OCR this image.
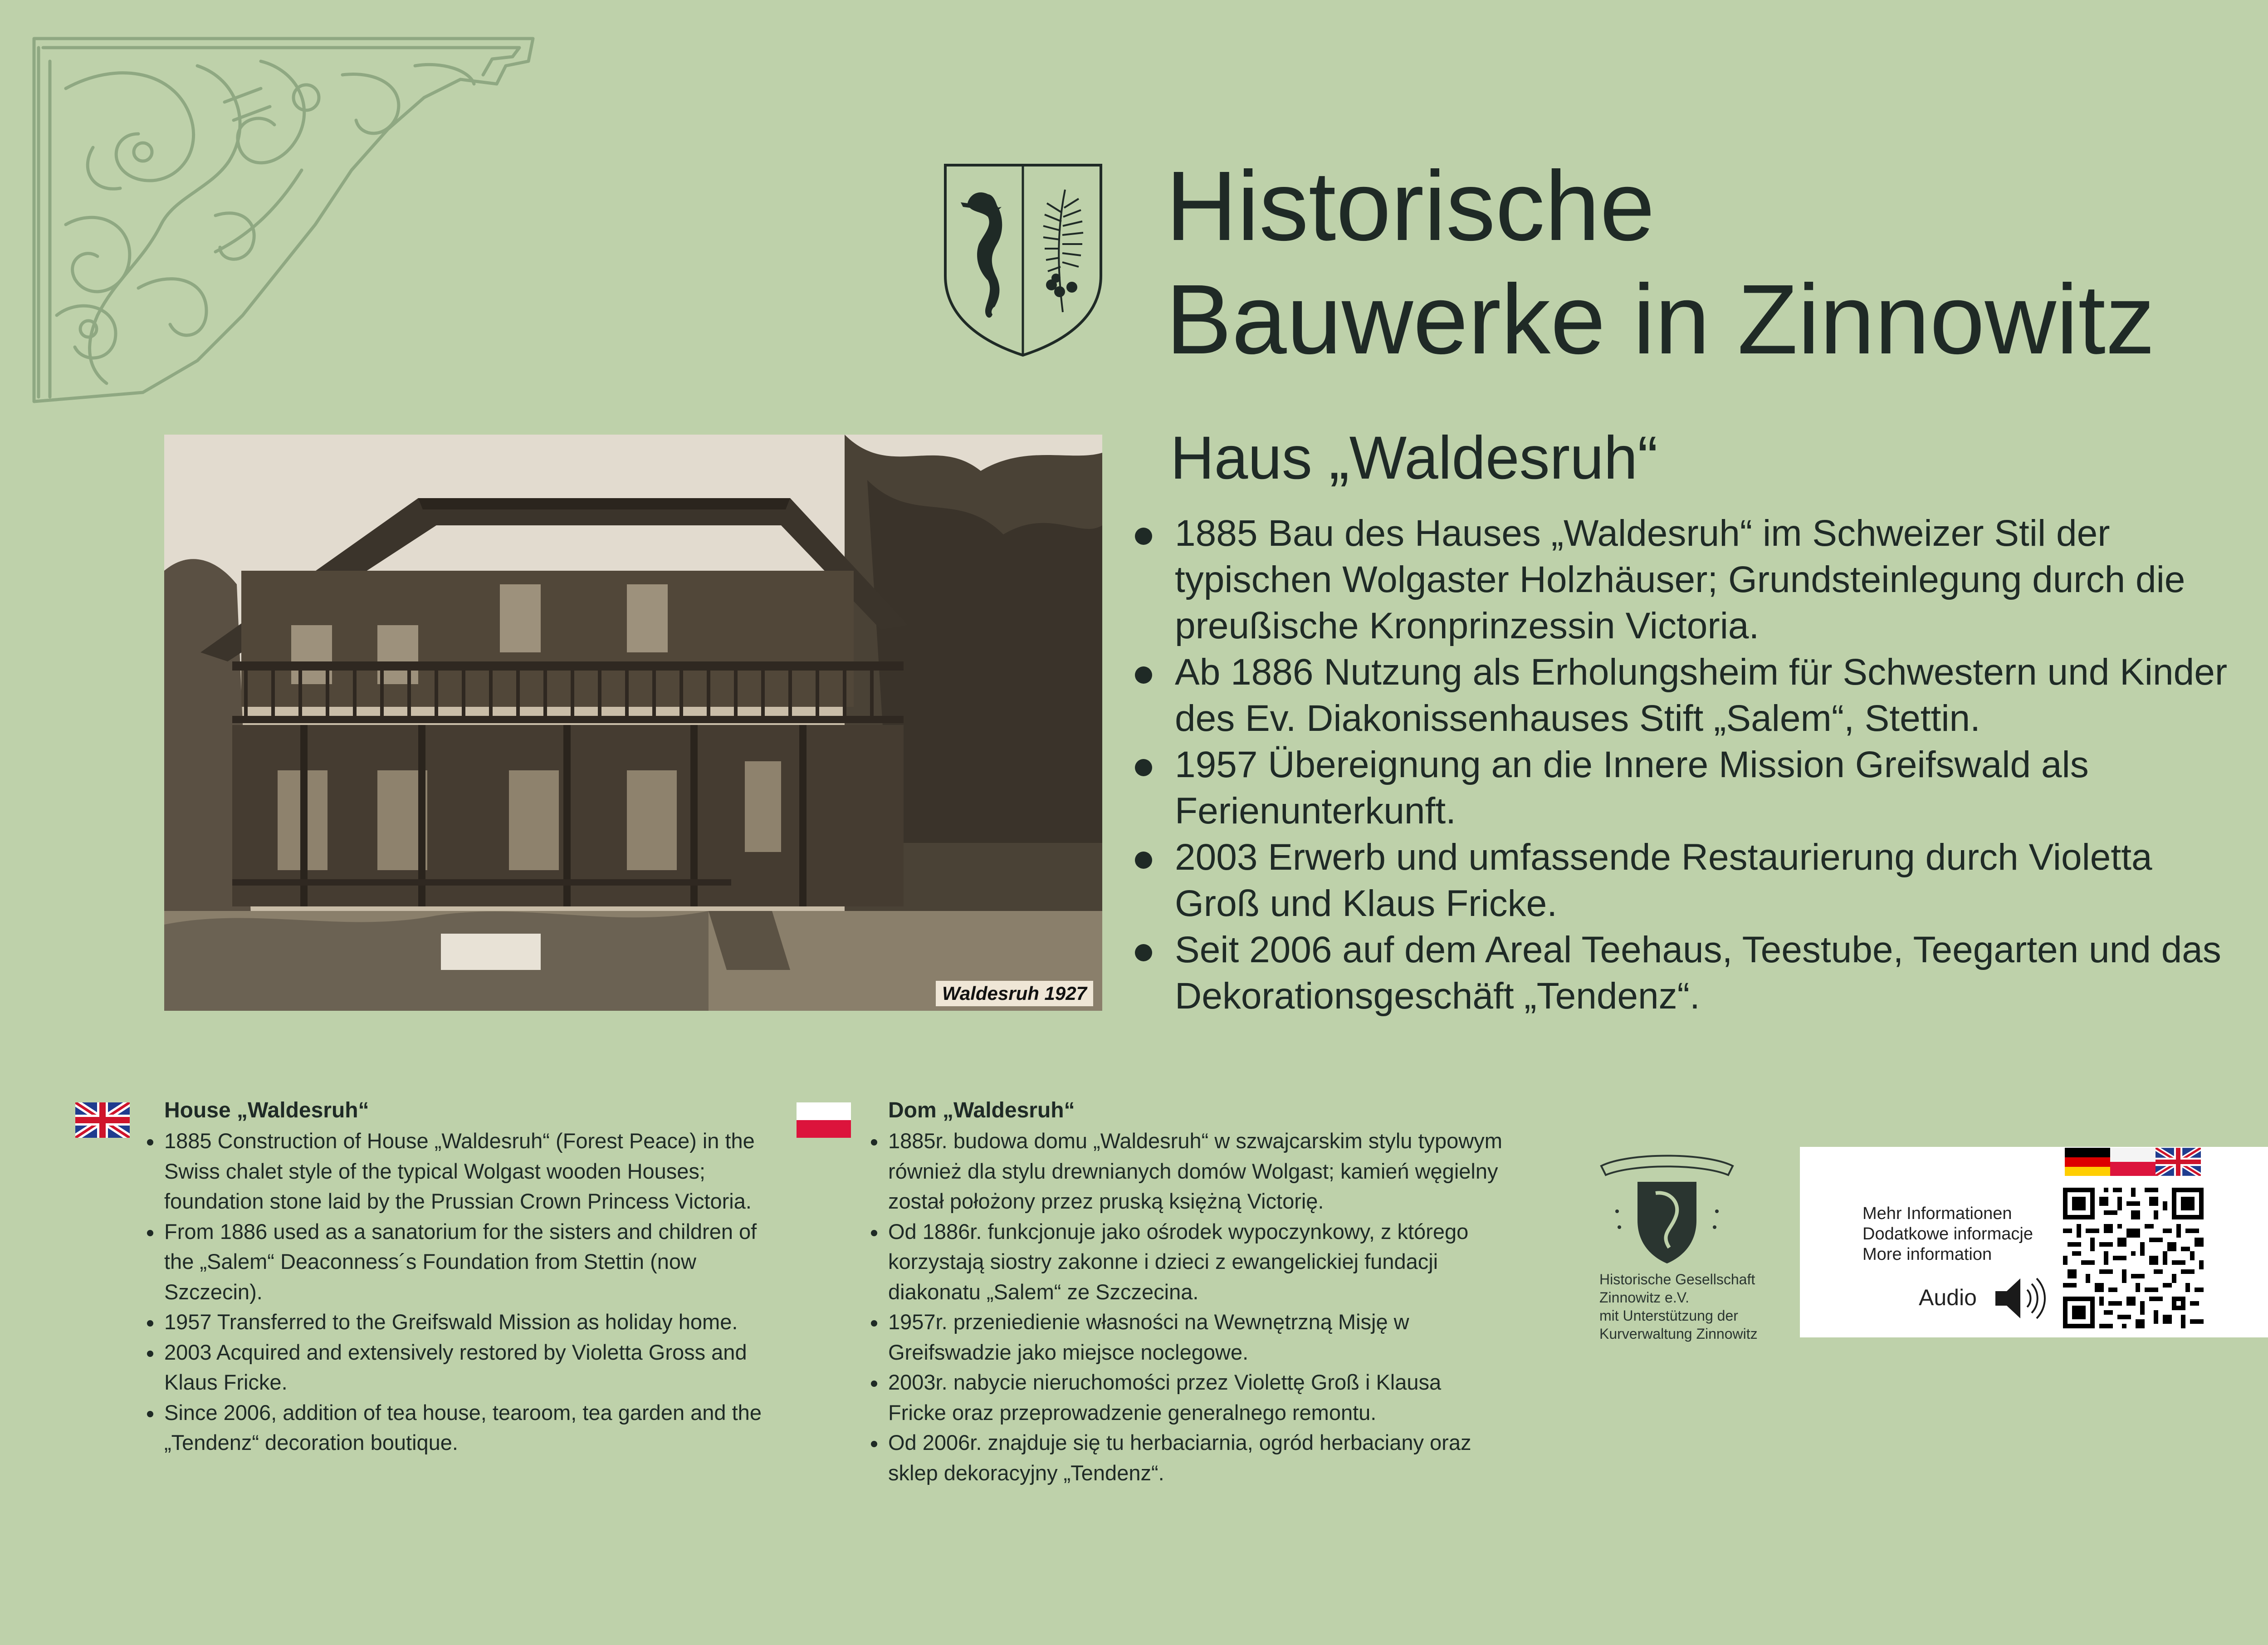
Historische
Bauwerke in Zinnowitz
Waldesruh 1927
Haus „Waldesruh“
1885 Bau des Hauses „Waldesruh“ im Schweizer Stil der typischen Wolgaster Holzhäuser; Grundsteinlegung durch die preußische Kronprinzessin Victoria.
Ab 1886 Nutzung als Erholungsheim für Schwestern und Kinder des Ev. Diakonissenhauses Stift „Salem“, Stettin.
1957 Übereignung an die Innere Mission Greifswald als Ferienunterkunft.
2003 Erwerb und umfassende Restaurierung durch Violetta Groß und Klaus Fricke.
Seit 2006 auf dem Areal Teehaus, Teestube, Teegarten und das Dekorationsgeschäft „Tendenz“.
House „Waldesruh“
1885 Construction of House „Waldesruh“ (Forest Peace) in the Swiss chalet style of the typical Wolgast wooden Houses; foundation stone laid by the Prussian Crown Princess Victoria.
From 1886 used as a sanatorium for the sisters and children of the „Salem“ Deaconness´s Foundation from Stettin (now Szczecin).
1957 Transferred to the Greifswald Mission as holiday home.
2003 Acquired and extensively restored by Violetta Gross and Klaus Fricke.
Since 2006, addition of tea house, tearoom, tea garden and the „Tendenz“ decoration boutique.
Dom „Waldesruh“
1885r. budowa domu „Waldesruh“ w szwajcarskim stylu typowym również dla stylu drewnianych domów Wolgast; kamień węgielny został położony przez pruską księżną Victorię.
Od 1886r. funkcjonuje jako ośrodek wypoczynkowy, z którego korzystają siostry zakonne i dzieci z ewangelickiej fundacji diakonatu „Salem“ ze Szczecina.
1957r. przeniedienie własności na Wewnętrzną Misję w Greifswadzie jako miejsce noclegowe.
2003r. nabycie nieruchomości przez Violettę Groß i Klausa Fricke oraz przeprowadzenie generalnego remontu.
Od 2006r. znajduje się tu herbaciarnia, ogród herbaciany oraz sklep dekoracyjny „Tendenz“.
Historische Gesellschaft
Zinnowitz e.V.
mit Unterstützung der
Kurverwaltung Zinnowitz
Mehr Informationen
Dodatkowe informacje
More information
Audio
